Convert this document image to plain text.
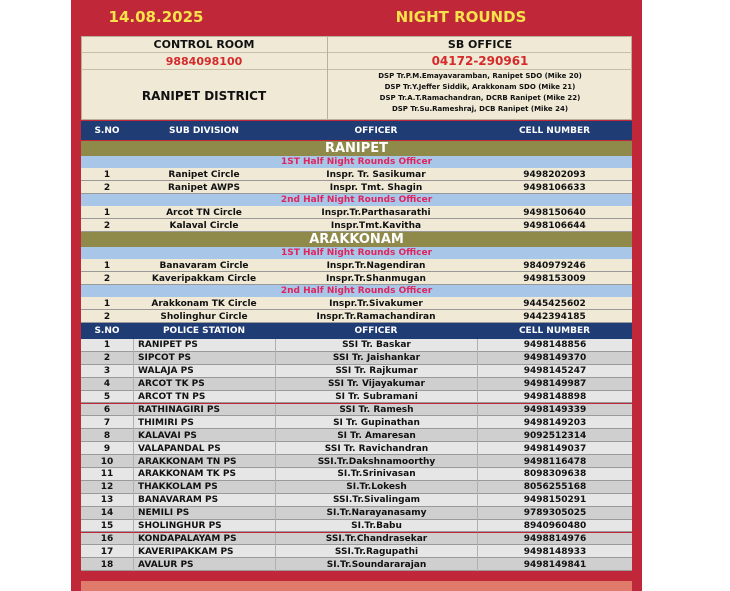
14.08.2025	NIGHT ROUNDS
CONTROL ROOM
9884098100
RANIPET DISTRICT
SB OFFICE
04172-290961
DSP Tr.P.M.Emayavaramban, Ranipet SDO (Mike 20)
DSP Tr.Y.Jeffer Siddik, Arakkonam SDO (Mike 21)
DSP Tr.A.T.Ramachandran, DCRB Ranipet (Mike 22)
DSP Tr.Su.Rameshraj, DCB Ranipet (Mike 24)
S.NO	SUB DIVISION	OFFICER	CELL NUMBER
RANIPET
1ST Half Night Rounds Officer
1	Ranipet Circle	Inspr. Tr. Sasikumar	9498202093
2	Ranipet AWPS	Inspr. Tmt. Shagin	9498106633
2nd Half Night Rounds Officer
1	Arcot TN Circle	Inspr.Tr.Parthasarathi	9498150640
2	Kalaval Circle	Inspr.Tmt.Kavitha	9498106644
ARAKKONAM
1ST Half Night Rounds Officer
1	Banavaram Circle	Inspr.Tr.Nagendiran	9840979246
2	Kaveripakkam Circle	Inspr.Tr.Shanmugan	9498153009
2nd Half Night Rounds Officer
1	Arakkonam TK Circle	Inspr.Tr.Sivakumer	9445425602
2	Sholinghur Circle	Inspr.Tr.Ramachandiran	9442394185
S.NO	POLICE STATION	OFFICER	CELL NUMBER
1	RANIPET PS	SSI Tr. Baskar	9498148856
2	SIPCOT PS	SSI Tr. Jaishankar	9498149370
3	WALAJA PS	SSI Tr. Rajkumar	9498145247
4	ARCOT TK PS	SSI Tr. Vijayakumar	9498149987
5	ARCOT TN PS	SI Tr. Subramani	9498148898
6	RATHINAGIRI PS	SSI Tr. Ramesh	9498149339
7	THIMIRI PS	SI Tr. Gupinathan	9498149203
8	KALAVAI PS	SI Tr. Amaresan	9092512314
9	VALAPANDAL PS	SSI Tr. Ravichandran	9498149037
10	ARAKKONAM TN PS	SSI.Tr.Dakshnamoorthy	9498116478
11	ARAKKONAM TK PS	SI.Tr.Srinivasan	8098309638
12	THAKKOLAM PS	SI.Tr.Lokesh	8056255168
13	BANAVARAM PS	SSI.Tr.Sivalingam	9498150291
14	NEMILI PS	SI.Tr.Narayanasamy	9789305025
15	SHOLINGHUR PS	SI.Tr.Babu	8940960480
16	KONDAPALAYAM PS	SSI.Tr.Chandrasekar	9498814976
17	KAVERIPAKKAM PS	SSI.Tr.Ragupathi	9498148933
18	AVALUR PS	SI.Tr.Soundararajan	9498149841
